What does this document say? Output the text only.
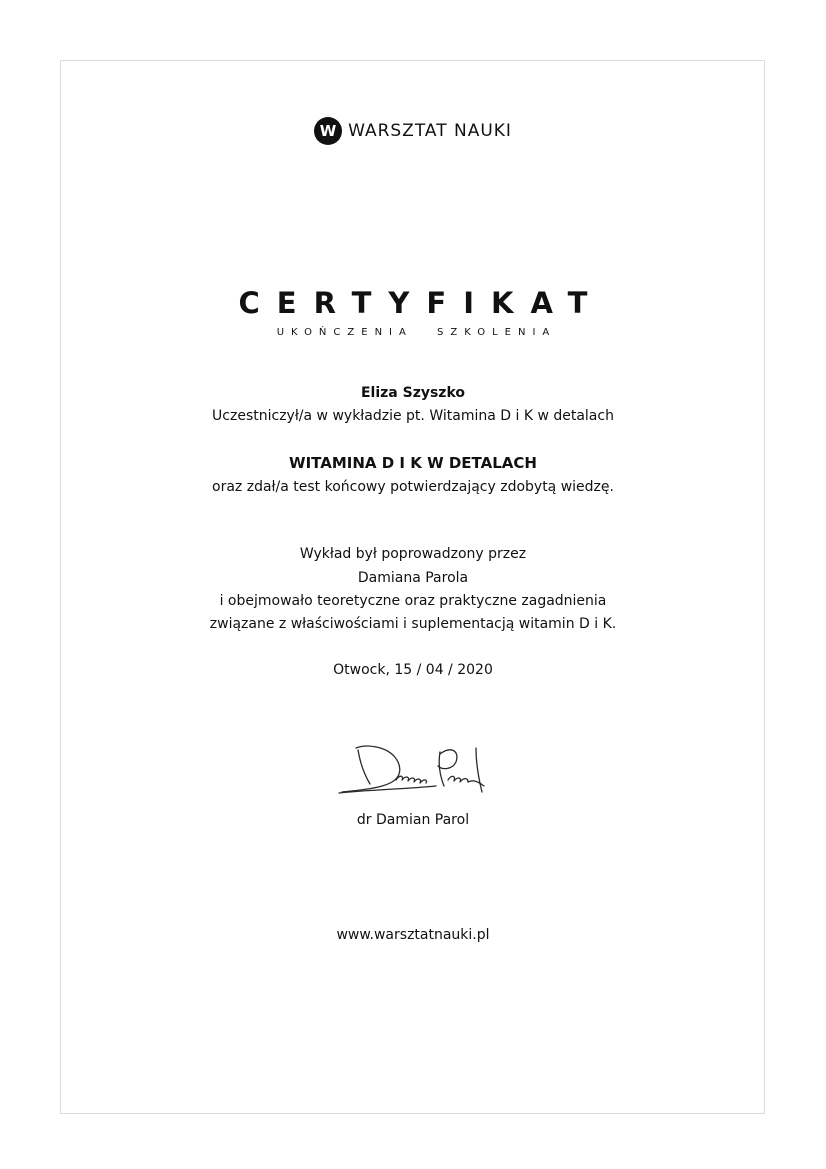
W WARSZTAT NAUKI
CERTYFIKAT
UKOŃCZENIA SZKOLENIA
Eliza Szyszko
Uczestniczył/a w wykładzie pt. Witamina D i K w detalach
WITAMINA D I K W DETALACH
oraz zdał/a test końcowy potwierdzający zdobytą wiedzę.
Wykład był poprowadzony przez
Damiana Parola
i obejmowało teoretyczne oraz praktyczne zagadnienia
związane z właściwościami i suplementacją witamin D i K.
Otwock, 15 / 04 / 2020
dr Damian Parol
www.warsztatnauki.pl
